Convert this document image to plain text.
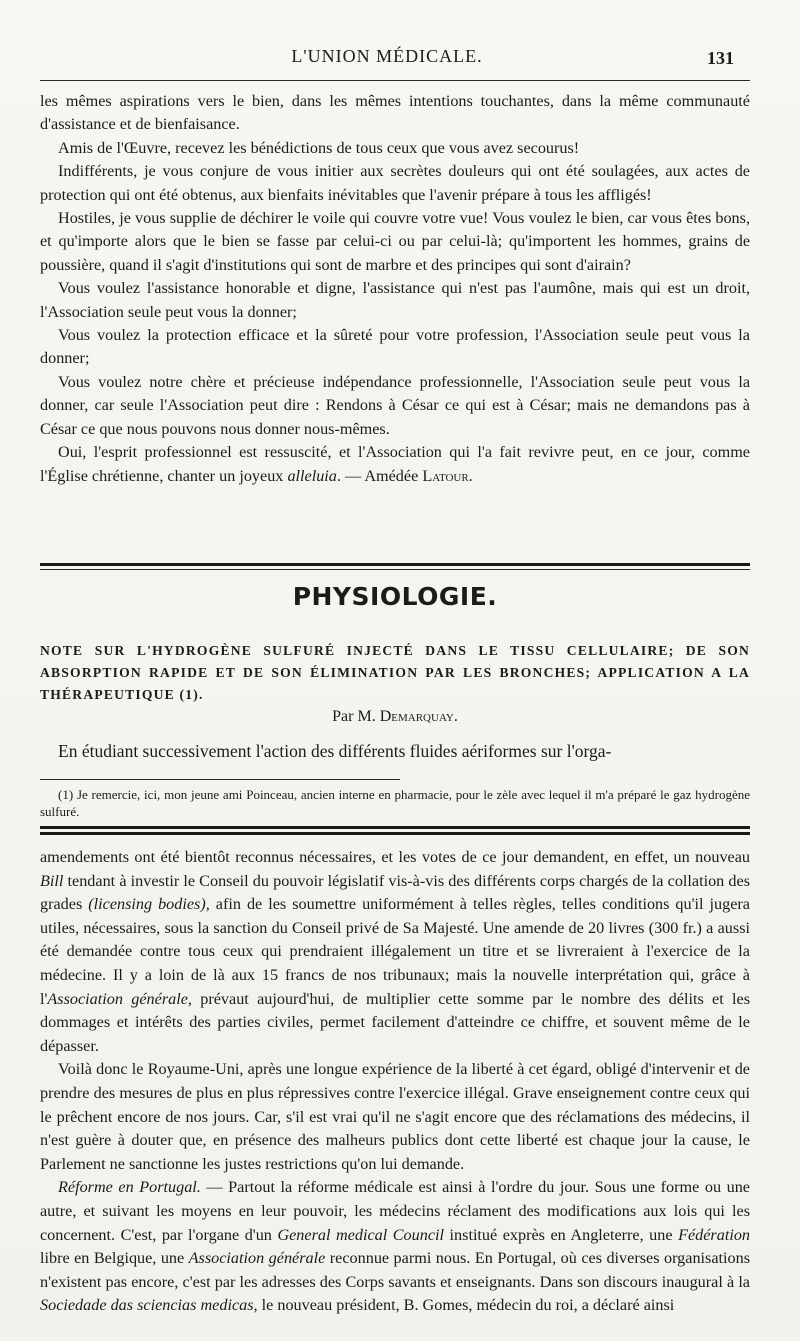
L'UNION MÉDICALE.	131

les mêmes aspirations vers le bien, dans les mêmes intentions touchantes, dans la même communauté d'assistance et de bienfaisance.

Amis de l'Œuvre, recevez les bénédictions de tous ceux que vous avez secourus!

Indifférents, je vous conjure de vous initier aux secrètes douleurs qui ont été soulagées, aux actes de protection qui ont été obtenus, aux bienfaits inévitables que l'avenir prépare à tous les affligés!

Hostiles, je vous supplie de déchirer le voile qui couvre votre vue! Vous voulez le bien, car vous êtes bons, et qu'importe alors que le bien se fasse par celui-ci ou par celui-là; qu'importent les hommes, grains de poussière, quand il s'agit d'institutions qui sont de marbre et des principes qui sont d'airain?

Vous voulez l'assistance honorable et digne, l'assistance qui n'est pas l'aumône, mais qui est un droit, l'Association seule peut vous la donner;

Vous voulez la protection efficace et la sûreté pour votre profession, l'Association seule peut vous la donner;

Vous voulez notre chère et précieuse indépendance professionnelle, l'Association seule peut vous la donner, car seule l'Association peut dire : Rendons à César ce qui est à César; mais ne demandons pas à César ce que nous pouvons nous donner nous-mêmes.

Oui, l'esprit professionnel est ressuscité, et l'Association qui l'a fait revivre peut, en ce jour, comme l'Église chrétienne, chanter un joyeux alleluia. — Amédée Latour.

PHYSIOLOGIE.
NOTE SUR L'HYDROGÈNE SULFURÉ INJECTÉ DANS LE TISSU CELLULAIRE; DE SON ABSORPTION RAPIDE ET DE SON ÉLIMINATION PAR LES BRONCHES; APPLICATION A LA THÉRAPEUTIQUE (1).
Par M. Demarquay.

En étudiant successivement l'action des différents fluides aériformes sur l'orga-

(1) Je remercie, ici, mon jeune ami Poinceau, ancien interne en pharmacie, pour le zèle avec lequel il m'a préparé le gaz hydrogène sulfuré.

amendements ont été bientôt reconnus nécessaires, et les votes de ce jour demandent, en effet, un nouveau Bill tendant à investir le Conseil du pouvoir législatif vis-à-vis des différents corps chargés de la collation des grades (licensing bodies), afin de les soumettre uniformément à telles règles, telles conditions qu'il jugera utiles, nécessaires, sous la sanction du Conseil privé de Sa Majesté. Une amende de 20 livres (300 fr.) a aussi été demandée contre tous ceux qui prendraient illégalement un titre et se livreraient à l'exercice de la médecine. Il y a loin de là aux 15 francs de nos tribunaux; mais la nouvelle interprétation qui, grâce à l'Association générale, prévaut aujourd'hui, de multiplier cette somme par le nombre des délits et les dommages et intérêts des parties civiles, permet facilement d'atteindre ce chiffre, et souvent même de le dépasser.

Voilà donc le Royaume-Uni, après une longue expérience de la liberté à cet égard, obligé d'intervenir et de prendre des mesures de plus en plus répressives contre l'exercice illégal. Grave enseignement contre ceux qui le prêchent encore de nos jours. Car, s'il est vrai qu'il ne s'agit encore que des réclamations des médecins, il n'est guère à douter que, en présence des malheurs publics dont cette liberté est chaque jour la cause, le Parlement ne sanctionne les justes restrictions qu'on lui demande.

Réforme en Portugal. — Partout la réforme médicale est ainsi à l'ordre du jour. Sous une forme ou une autre, et suivant les moyens en leur pouvoir, les médecins réclament des modifications aux lois qui les concernent. C'est, par l'organe d'un General medical Council institué exprès en Angleterre, une Fédération libre en Belgique, une Association générale reconnue parmi nous. En Portugal, où ces diverses organisations n'existent pas encore, c'est par les adresses des Corps savants et enseignants. Dans son discours inaugural à la Sociedade das sciencias medicas, le nouveau président, B. Gomes, médecin du roi, a déclaré ainsi
